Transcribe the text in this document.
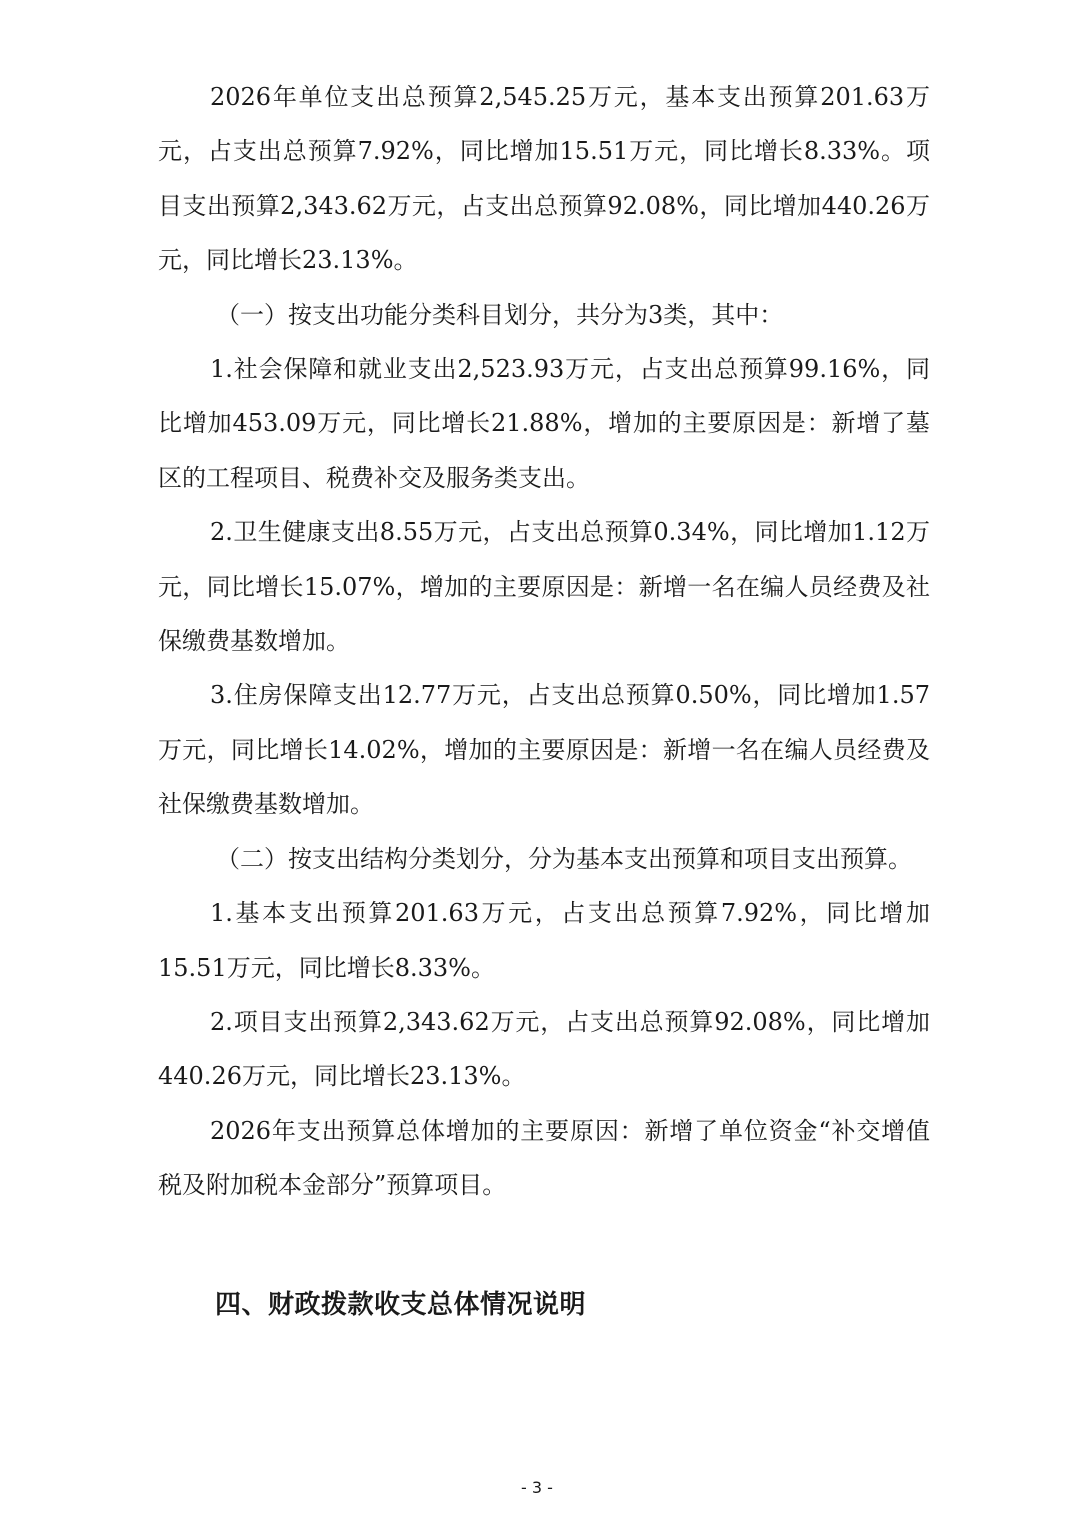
2026年单位支出总预算2,545.25万元，基本支出预算201.63万元，占支出总预算7.92%，同比增加15.51万元，同比增长8.33%。项目支出预算2,343.62万元，占支出总预算92.08%，同比增加440.26万元，同比增长23.13%。

（一）按支出功能分类科目划分，共分为3类，其中：

1.社会保障和就业支出2,523.93万元，占支出总预算99.16%，同比增加453.09万元，同比增长21.88%，增加的主要原因是：新增了墓区的工程项目、税费补交及服务类支出。

2.卫生健康支出8.55万元，占支出总预算0.34%，同比增加1.12万元，同比增长15.07%，增加的主要原因是：新增一名在编人员经费及社保缴费基数增加。

3.住房保障支出12.77万元，占支出总预算0.50%，同比增加1.57万元，同比增长14.02%，增加的主要原因是：新增一名在编人员经费及社保缴费基数增加。

（二）按支出结构分类划分，分为基本支出预算和项目支出预算。

1.基本支出预算201.63万元，占支出总预算7.92%，同比增加15.51万元，同比增长8.33%。

2.项目支出预算2,343.62万元，占支出总预算92.08%，同比增加440.26万元，同比增长23.13%。

2026年支出预算总体增加的主要原因：新增了单位资金“补交增值税及附加税本金部分”预算项目。

四、财政拨款收支总体情况说明
- 3 -
